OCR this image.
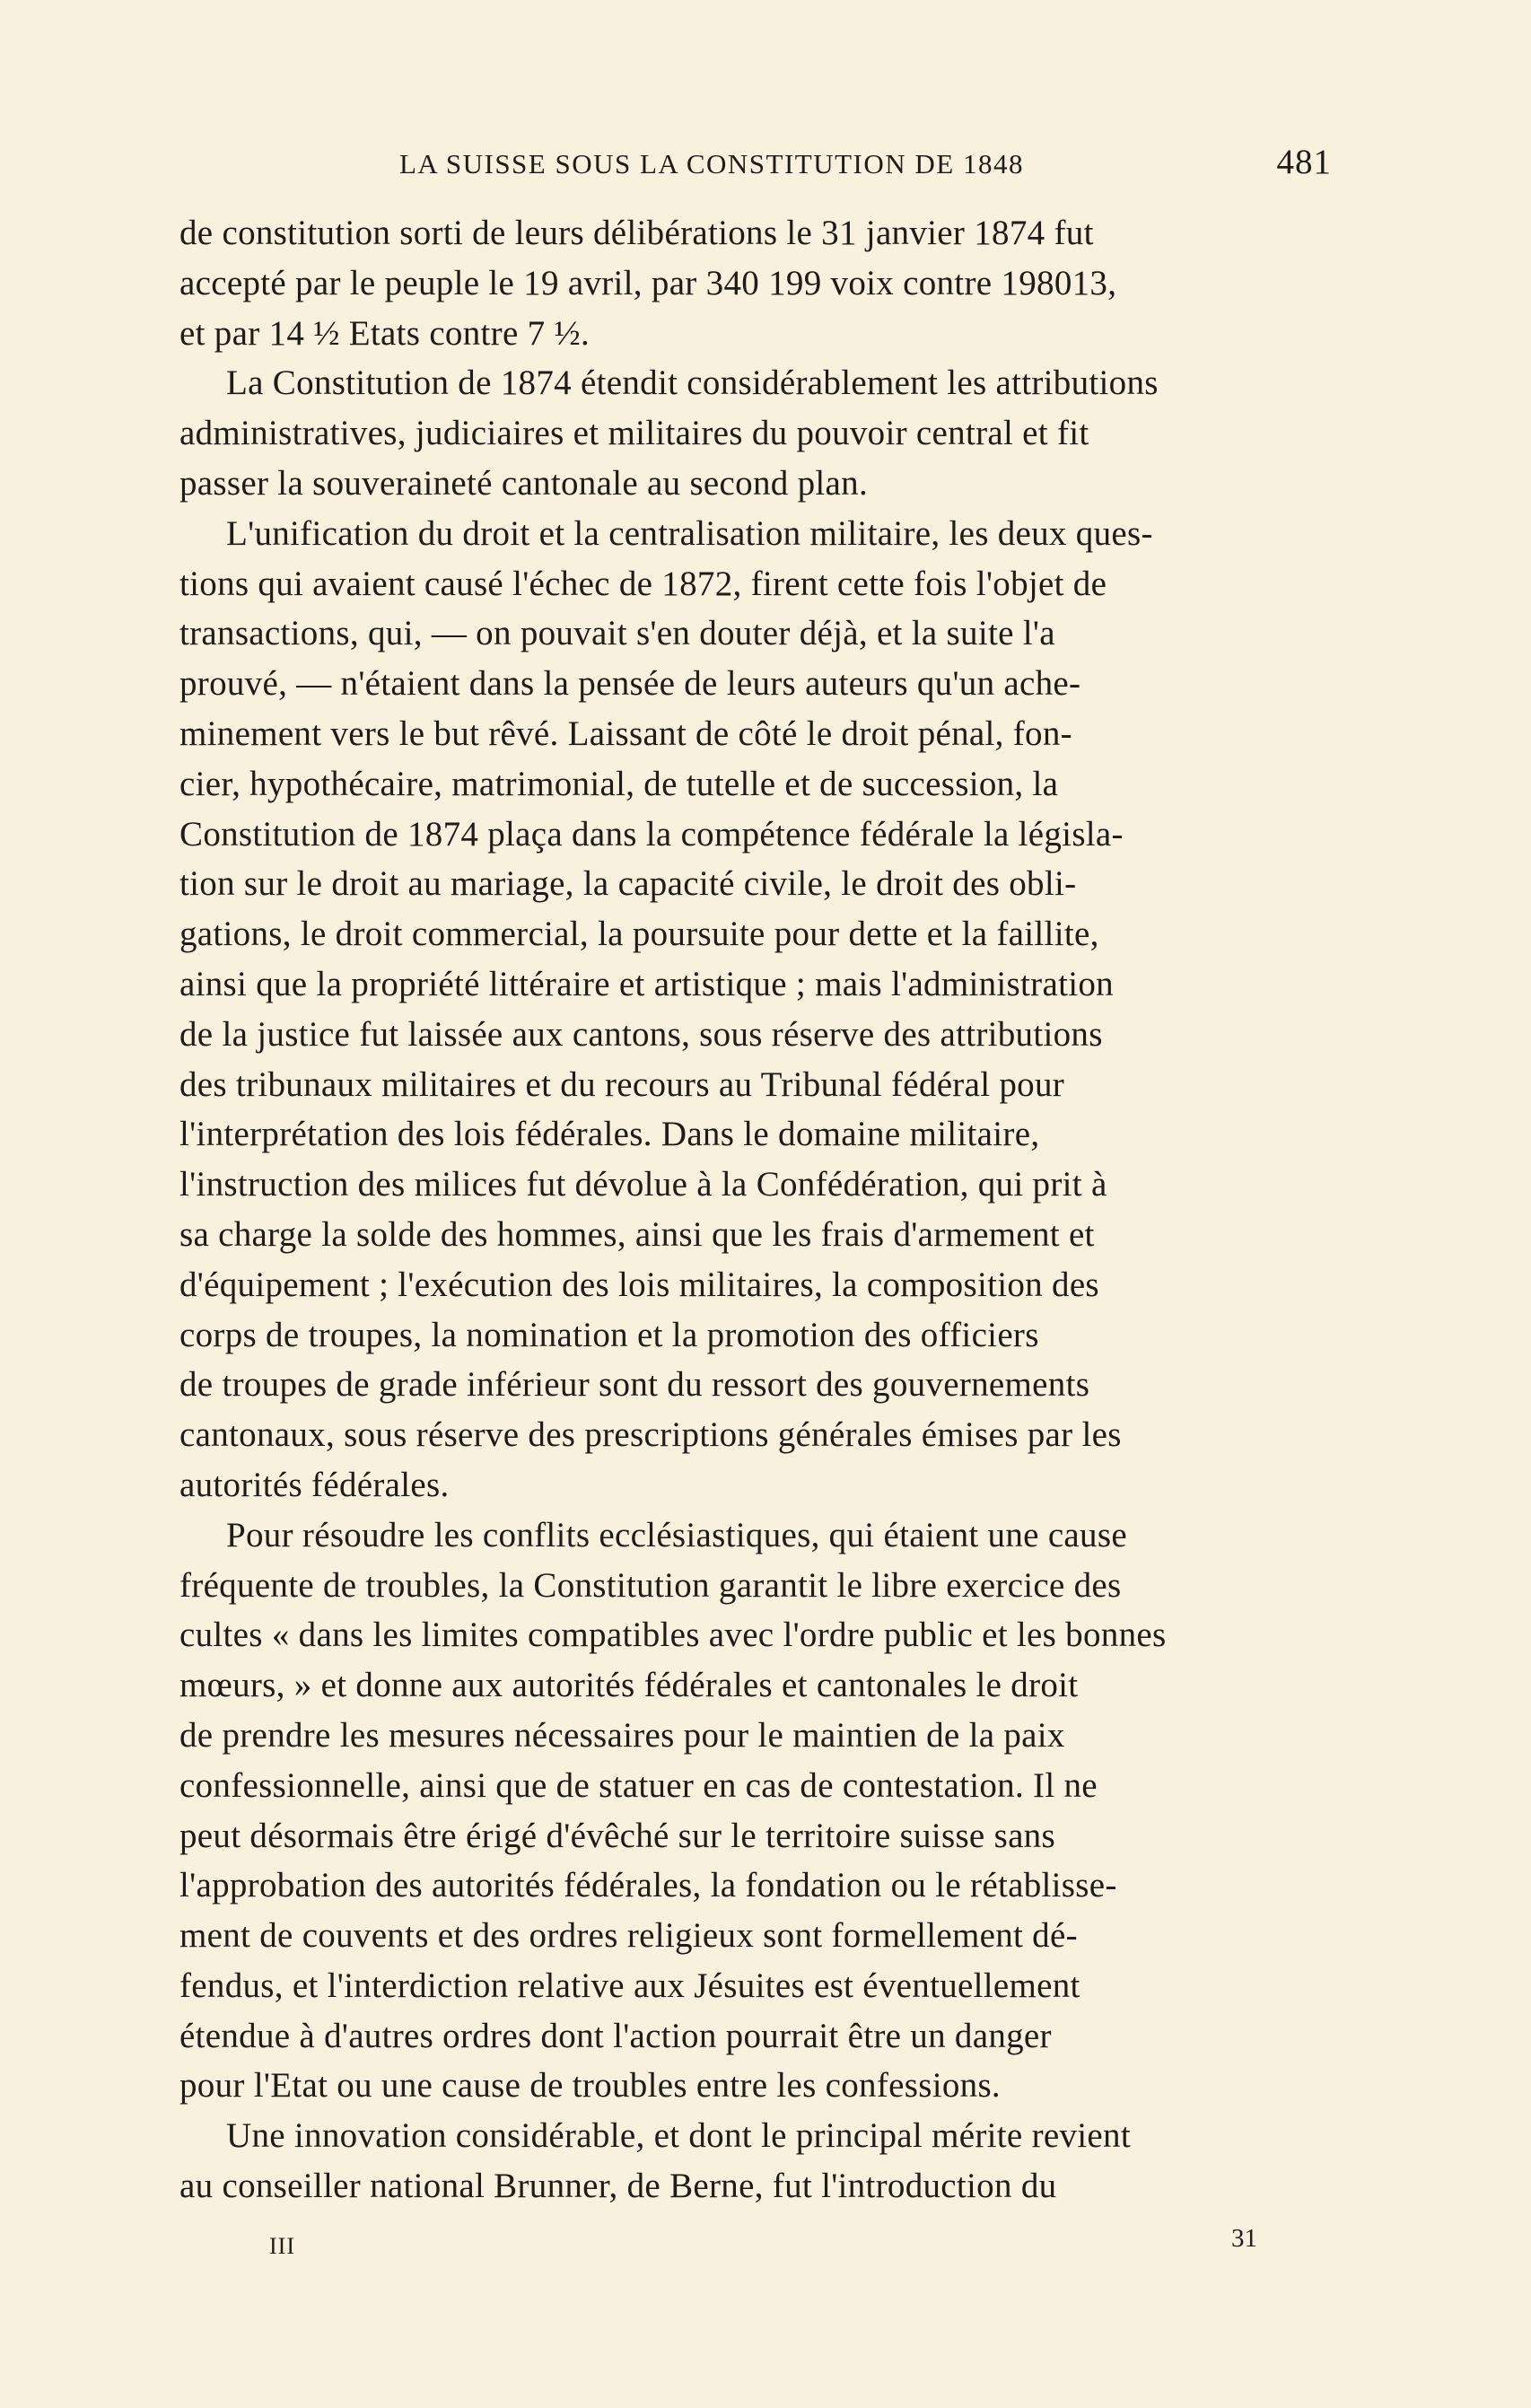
LA SUISSE SOUS LA CONSTITUTION DE 1848	481
de constitution sorti de leurs délibérations le 31 janvier 1874 fut
accepté par le peuple le 19 avril, par 340 199 voix contre 198013,
et par 14 ½ Etats contre 7 ½.
La Constitution de 1874 étendit considérablement les attributions
administratives, judiciaires et militaires du pouvoir central et fit
passer la souveraineté cantonale au second plan.
L'unification du droit et la centralisation militaire, les deux ques-
tions qui avaient causé l'échec de 1872, firent cette fois l'objet de
transactions, qui, — on pouvait s'en douter déjà, et la suite l'a
prouvé, — n'étaient dans la pensée de leurs auteurs qu'un ache-
minement vers le but rêvé. Laissant de côté le droit pénal, fon-
cier, hypothécaire, matrimonial, de tutelle et de succession, la
Constitution de 1874 plaça dans la compétence fédérale la législa-
tion sur le droit au mariage, la capacité civile, le droit des obli-
gations, le droit commercial, la poursuite pour dette et la faillite,
ainsi que la propriété littéraire et artistique ; mais l'administration
de la justice fut laissée aux cantons, sous réserve des attributions
des tribunaux militaires et du recours au Tribunal fédéral pour
l'interprétation des lois fédérales. Dans le domaine militaire,
l'instruction des milices fut dévolue à la Confédération, qui prit à
sa charge la solde des hommes, ainsi que les frais d'armement et
d'équipement ; l'exécution des lois militaires, la composition des
corps de troupes, la nomination et la promotion des officiers
de troupes de grade inférieur sont du ressort des gouvernements
cantonaux, sous réserve des prescriptions générales émises par les
autorités fédérales.
Pour résoudre les conflits ecclésiastiques, qui étaient une cause
fréquente de troubles, la Constitution garantit le libre exercice des
cultes « dans les limites compatibles avec l'ordre public et les bonnes
mœurs, » et donne aux autorités fédérales et cantonales le droit
de prendre les mesures nécessaires pour le maintien de la paix
confessionnelle, ainsi que de statuer en cas de contestation. Il ne
peut désormais être érigé d'évêché sur le territoire suisse sans
l'approbation des autorités fédérales, la fondation ou le rétablisse-
ment de couvents et des ordres religieux sont formellement dé-
fendus, et l'interdiction relative aux Jésuites est éventuellement
étendue à d'autres ordres dont l'action pourrait être un danger
pour l'Etat ou une cause de troubles entre les confessions.
Une innovation considérable, et dont le principal mérite revient
au conseiller national Brunner, de Berne, fut l'introduction du
III	31
